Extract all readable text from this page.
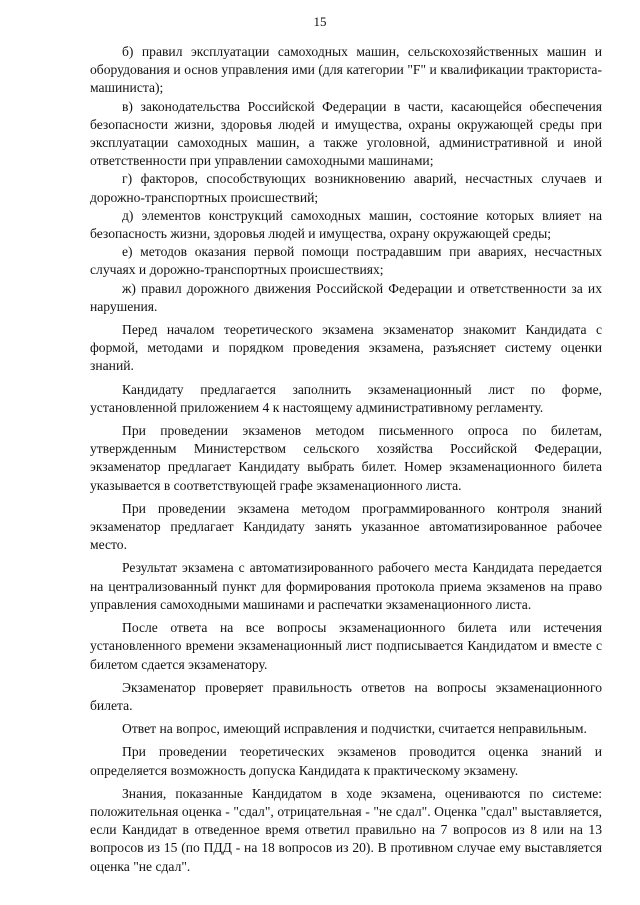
15

б) правил эксплуатации самоходных машин, сельскохозяйственных машин и оборудования и основ управления ими (для категории "F" и квалификации тракториста-машиниста);

в) законодательства Российской Федерации в части, касающейся обеспечения безопасности жизни, здоровья людей и имущества, охраны окружающей среды при эксплуатации самоходных машин, а также уголовной, административной и иной ответственности при управлении самоходными машинами;

г) факторов, способствующих возникновению аварий, несчастных случаев и дорожно-транспортных происшествий;

д) элементов конструкций самоходных машин, состояние которых влияет на безопасность жизни, здоровья людей и имущества, охрану окружающей среды;

е) методов оказания первой помощи пострадавшим при авариях, несчастных случаях и дорожно-транспортных происшествиях;

ж) правил дорожного движения Российской Федерации и ответственности за их нарушения.

Перед началом теоретического экзамена экзаменатор знакомит Кандидата с формой, методами и порядком проведения экзамена, разъясняет систему оценки знаний.

Кандидату предлагается заполнить экзаменационный лист по форме, установленной приложением 4 к настоящему административному регламенту.

При проведении экзаменов методом письменного опроса по билетам, утвержденным Министерством сельского хозяйства Российской Федерации, экзаменатор предлагает Кандидату выбрать билет. Номер экзаменационного билета указывается в соответствующей графе экзаменационного листа.

При проведении экзамена методом программированного контроля знаний экзаменатор предлагает Кандидату занять указанное автоматизированное рабочее место.

Результат экзамена с автоматизированного рабочего места Кандидата передается на централизованный пункт для формирования протокола приема экзаменов на право управления самоходными машинами и распечатки экзаменационного листа.

После ответа на все вопросы экзаменационного билета или истечения установленного времени экзаменационный лист подписывается Кандидатом и вместе с билетом сдается экзаменатору.

Экзаменатор проверяет правильность ответов на вопросы экзаменационного билета.

Ответ на вопрос, имеющий исправления и подчистки, считается неправильным.

При проведении теоретических экзаменов проводится оценка знаний и определяется возможность допуска Кандидата к практическому экзамену.

Знания, показанные Кандидатом в ходе экзамена, оцениваются по системе: положительная оценка - "сдал", отрицательная - "не сдал". Оценка "сдал" выставляется, если Кандидат в отведенное время ответил правильно на 7 вопросов из 8 или на 13 вопросов из 15 (по ПДД - на 18 вопросов из 20). В противном случае ему выставляется оценка "не сдал".
